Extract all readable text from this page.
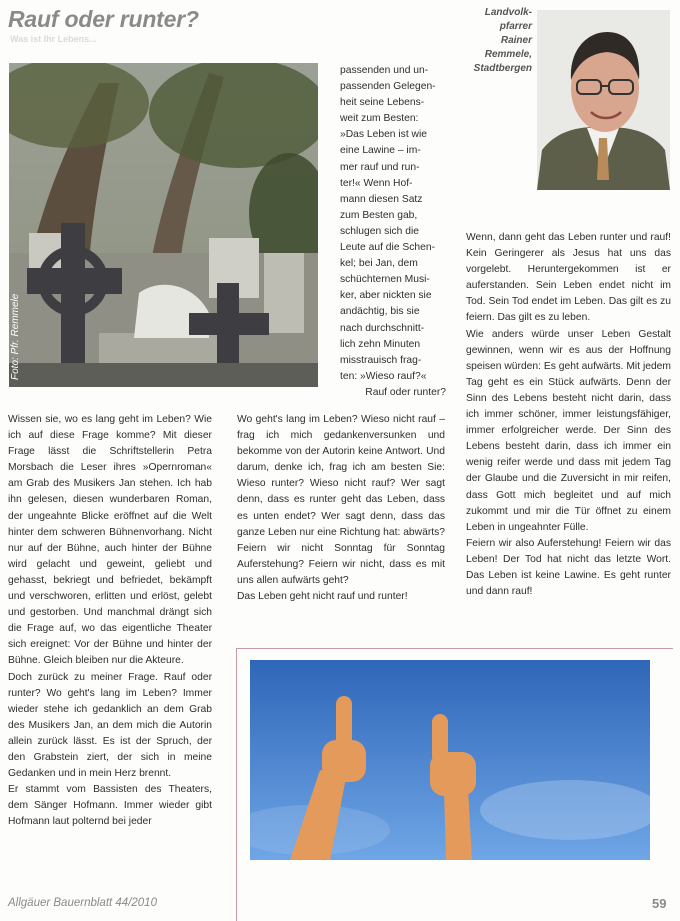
Rauf oder runter?
Was ist Ihr Lebens...
Foto: Pfr. Remmele
Landvolk-
pfarrer
Rainer
Remmele,
Stadtbergen
passenden und un-
passenden Gelegen-
heit seine Lebens-
weit zum Besten:
»Das Leben ist wie
eine Lawine – im-
mer rauf und run-
ter!« Wenn Hof-
mann diesen Satz
zum Besten gab,
schlugen sich die
Leute auf die Schen-
kel; bei Jan, dem
schüchternen Musi-
ker, aber nickten sie
andächtig, bis sie
nach durchschnitt-
lich zehn Minuten
misstrauisch frag-
ten: »Wieso rauf?«
Rauf oder runter?

Wissen sie, wo es lang geht im Leben? Wie ich auf diese Frage komme? Mit dieser Frage lässt die Schriftstellerin Petra Morsbach die Leser ihres »Opernroman« am Grab des Musikers Jan stehen. Ich hab ihn gelesen, diesen wunderbaren Roman, der ungeahnte Blicke eröffnet auf die Welt hinter dem schweren Bühnenvorhang. Nicht nur auf der Bühne, auch hinter der Bühne wird gelacht und geweint, geliebt und gehasst, bekriegt und befriedet, bekämpft und verschworen, erlitten und erlöst, gelebt und gestorben. Und manchmal drängt sich die Frage auf, wo das eigentliche Theater sich ereignet: Vor der Bühne und hinter der Bühne. Gleich bleiben nur die Akteure.

Doch zurück zu meiner Frage. Rauf oder runter? Wo geht's lang im Leben? Immer wieder stehe ich gedanklich an dem Grab des Musikers Jan, an dem mich die Autorin allein zurück lässt. Es ist der Spruch, der den Grabstein ziert, der sich in meine Gedanken und in mein Herz brennt.

Er stammt vom Bassisten des Theaters, dem Sänger Hofmann. Immer wieder gibt Hofmann laut polternd bei jeder

Wo geht's lang im Leben? Wieso nicht rauf – frag ich mich gedankenversunken und bekomme von der Autorin keine Antwort. Und darum, denke ich, frag ich am besten Sie: Wieso runter? Wieso nicht rauf? Wer sagt denn, dass es runter geht das Leben, dass es unten endet? Wer sagt denn, dass das ganze Leben nur eine Richtung hat: abwärts? Feiern wir nicht Sonntag für Sonntag Auferstehung? Feiern wir nicht, dass es mit uns allen aufwärts geht?

Das Leben geht nicht rauf und runter!

Wenn, dann geht das Leben runter und rauf! Kein Geringerer als Jesus hat uns das vorgelebt. Heruntergekommen ist er auferstanden. Sein Leben endet nicht im Tod. Sein Tod endet im Leben. Das gilt es zu feiern. Das gilt es zu leben.

Wie anders würde unser Leben Gestalt gewinnen, wenn wir es aus der Hoffnung speisen würden: Es geht aufwärts. Mit jedem Tag geht es ein Stück aufwärts. Denn der Sinn des Lebens besteht nicht darin, dass ich immer schöner, immer leistungsfähiger, immer erfolgreicher werde. Der Sinn des Lebens besteht darin, dass ich immer ein wenig reifer werde und dass mit jedem Tag der Glaube und die Zuversicht in mir reifen, dass Gott mich begleitet und auf mich zukommt und mir die Tür öffnet zu einem Leben in ungeahnter Fülle.

Feiern wir also Auferstehung! Feiern wir das Leben! Der Tod hat nicht das letzte Wort. Das Leben ist keine Lawine. Es geht runter und dann rauf!

Allgäuer Bauernblatt 44/2010	59
